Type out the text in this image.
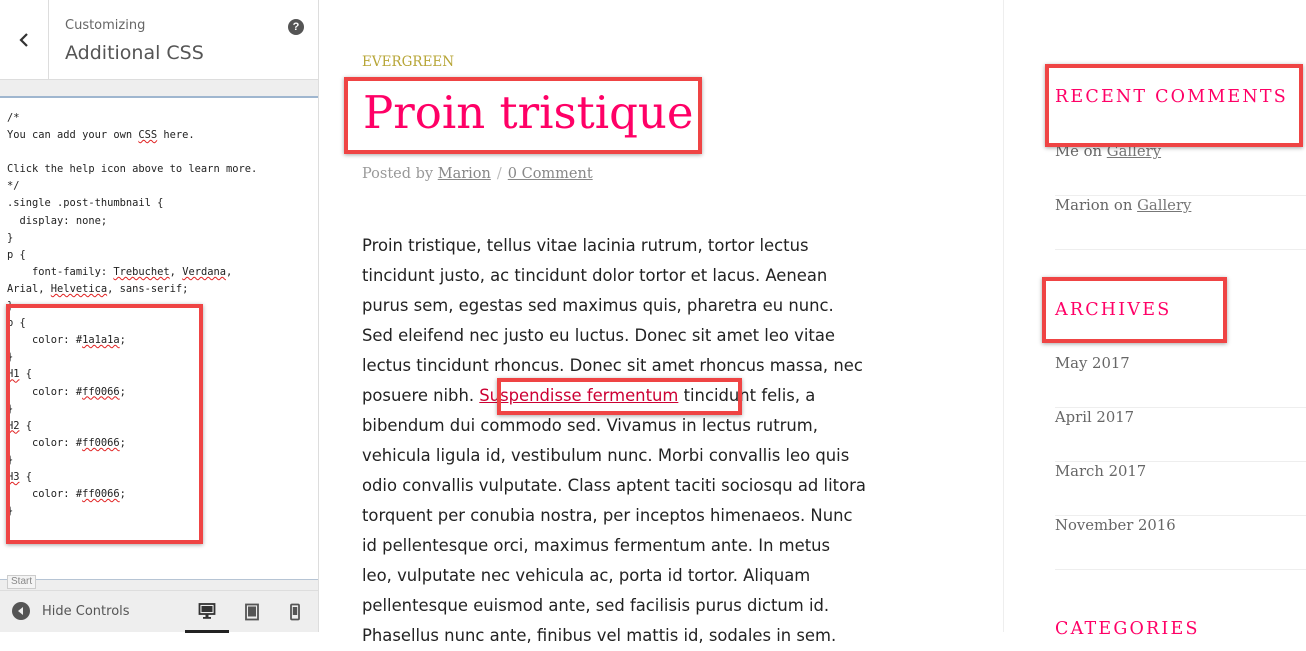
Customizing
Additional CSS
?
/*
You can add your own CSS here.

Click the help icon above to learn more.
*/
.single .post-thumbnail {
display: none;
}
p {
font-family: Trebuchet, Verdana,
Arial, Helvetica, sans-serif;
}
p {
color: #1a1a1a;
}
H1 {
color: #ff0066;
}
H2 {
color: #ff0066;
}
H3 {
color: #ff0066;
}

Start
Hide Controls
EVERGREEN
Proin tristique
Posted by Marion / 0 Comment
Proin tristique, tellus vitae lacinia rutrum, tortor lectus
tincidunt justo, ac tincidunt dolor tortor et lacus. Aenean
purus sem, egestas sed maximus quis, pharetra eu nunc.
Sed eleifend nec justo eu luctus. Donec sit amet leo vitae
lectus tincidunt rhoncus. Donec sit amet rhoncus massa, nec
posuere nibh. Suspendisse fermentum tincidunt felis, a
bibendum dui commodo sed. Vivamus in lectus rutrum,
vehicula ligula id, vestibulum nunc. Morbi convallis leo quis
odio convallis vulputate. Class aptent taciti sociosqu ad litora
torquent per conubia nostra, per inceptos himenaeos. Nunc
id pellentesque orci, maximus fermentum ante. In metus
leo, vulputate nec vehicula ac, porta id tortor. Aliquam
pellentesque euismod ante, sed facilisis purus dictum id.
Phasellus nunc ante, finibus vel mattis id, sodales in sem.
RECENT COMMENTS
Me on Gallery
Marion on Gallery
ARCHIVES
May 2017
April 2017
March 2017
November 2016
CATEGORIES
